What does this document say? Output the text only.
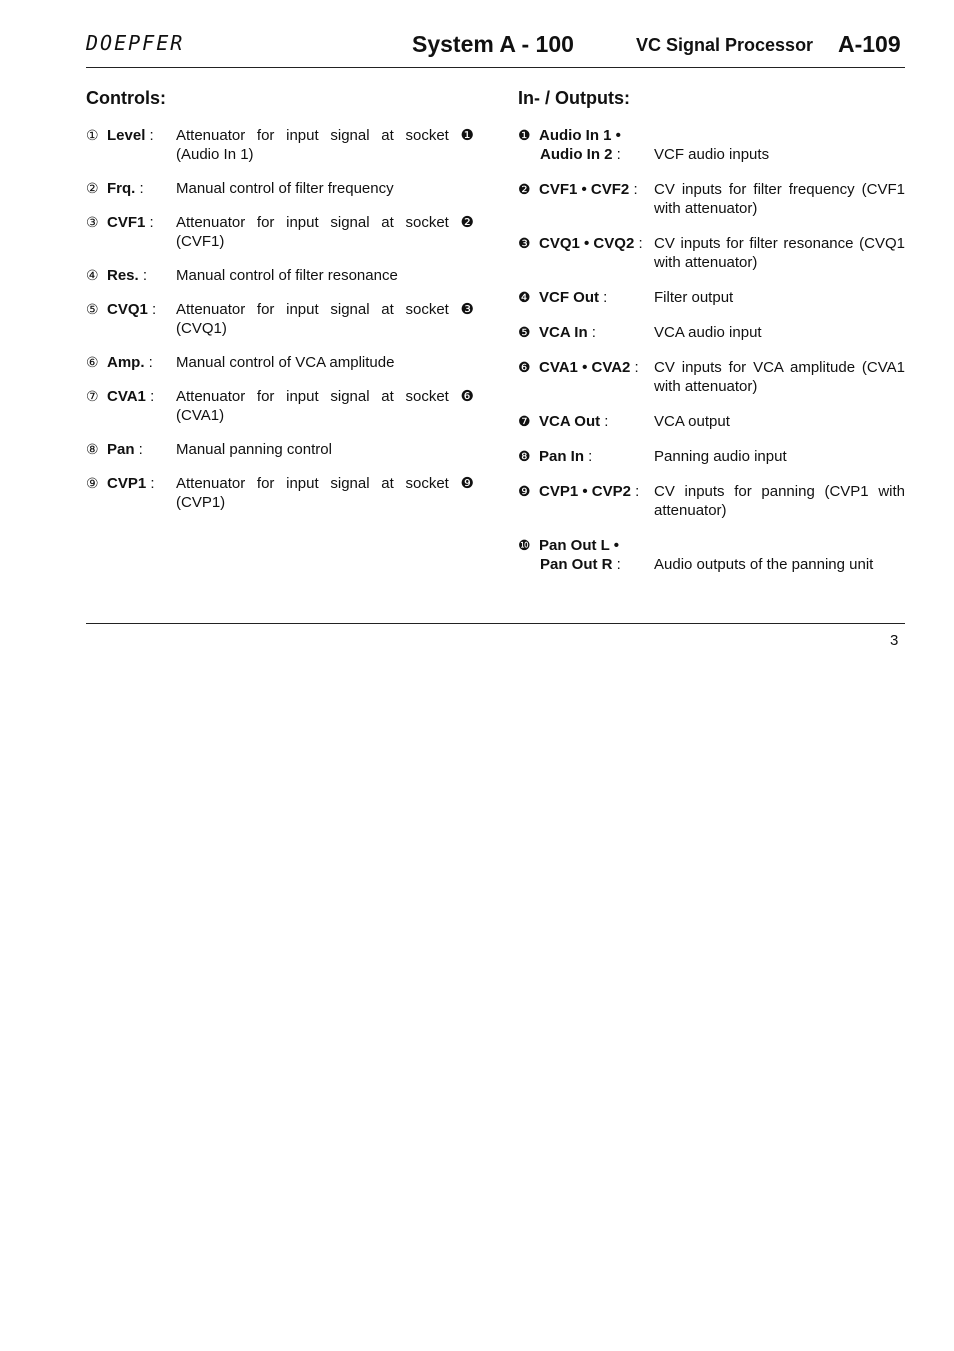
DOEPFER	System A - 100	VC Signal Processor A-109
Controls:	In- / Outputs:
① Level :	Attenuator for input signal at socket ❶ (Audio In 1)
② Frq. :	Manual control of filter frequency
③ CVF1 :	Attenuator for input signal at socket ❷ (CVF1)
④ Res. :	Manual control of filter resonance
⑤ CVQ1 :	Attenuator for input signal at socket ❸ (CVQ1)
⑥ Amp. :	Manual control of VCA amplitude
⑦ CVA1 :	Attenuator for input signal at socket ❻ (CVA1)
⑧ Pan :	Manual panning control
⑨ CVP1 :	Attenuator for input signal at socket ❾ (CVP1)
❶ Audio In 1 •
Audio In 2 :	VCF audio inputs
❷ CVF1 • CVF2 :	CV inputs for filter frequency (CVF1 with attenuator)
❸ CVQ1 • CVQ2 : CV inputs for filter resonance (CVQ1 with attenuator)
❹ VCF Out :	Filter output
❺ VCA In :	VCA audio input
❻ CVA1 • CVA2 :	CV inputs for VCA amplitude (CVA1 with attenuator)
❼ VCA Out :	VCA output
❽ Pan In :	Panning audio input
❾ CVP1 • CVP2 : CV inputs for panning (CVP1 with attenuator)
❿ Pan Out L •
Pan Out R :	Audio outputs of the panning unit
3
